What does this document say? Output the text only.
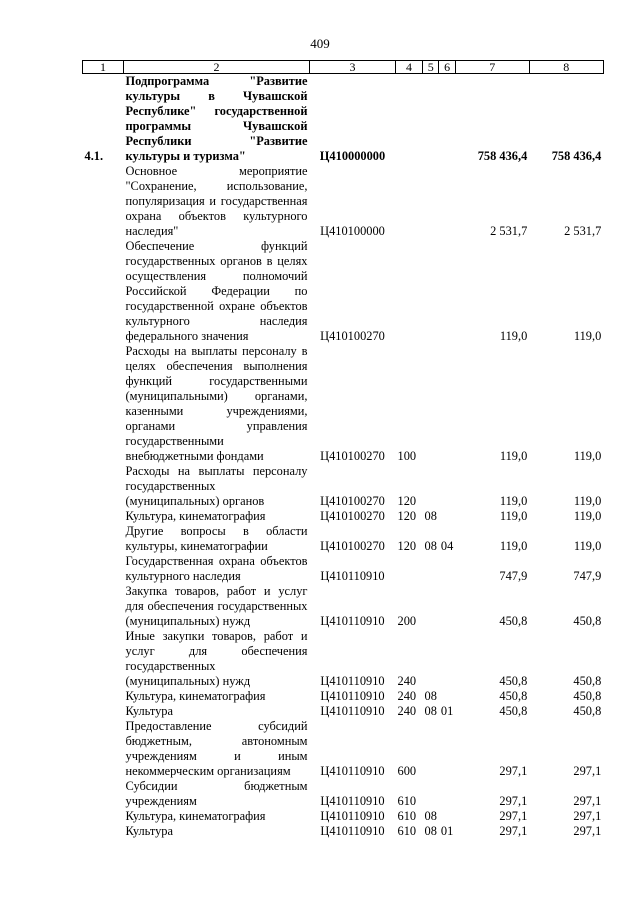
409
1	2	3	4	5	6	7	8
4.1.	Подпрограмма "Развитие культуры в Чувашской Республике" государственной программы Чувашской Республики "Развитие культуры и туризма"	Ц410000000				758 436,4	758 436,4
	Основное мероприятие "Сохранение, использование, популяризация и государственная охрана объектов культурного наследия"	Ц410100000				2 531,7	2 531,7
	Обеспечение функций государственных органов в целях осуществления полномочий Российской Федерации по государственной охране объектов культурного наследия федерального значения	Ц410100270				119,0	119,0
	Расходы на выплаты персоналу в целях обеспечения выполнения функций государственными (муниципальными) органами, казенными учреждениями, органами управления государственными внебюджетными фондами	Ц410100270	100			119,0	119,0
	Расходы на выплаты персоналу государственных (муниципальных) органов	Ц410100270	120			119,0	119,0
	Культура, кинематография	Ц410100270	120	08		119,0	119,0
	Другие вопросы в области культуры, кинематографии	Ц410100270	120	08	04	119,0	119,0
	Государственная охрана объектов культурного наследия	Ц410110910				747,9	747,9
	Закупка товаров, работ и услуг для обеспечения государственных (муниципальных) нужд	Ц410110910	200			450,8	450,8
	Иные закупки товаров, работ и услуг для обеспечения государственных (муниципальных) нужд	Ц410110910	240			450,8	450,8
	Культура, кинематография	Ц410110910	240	08		450,8	450,8
	Культура	Ц410110910	240	08	01	450,8	450,8
	Предоставление субсидий бюджетным, автономным учреждениям и иным некоммерческим организациям	Ц410110910	600			297,1	297,1
	Субсидии бюджетным учреждениям	Ц410110910	610			297,1	297,1
	Культура, кинематография	Ц410110910	610	08		297,1	297,1
	Культура	Ц410110910	610	08	01	297,1	297,1
